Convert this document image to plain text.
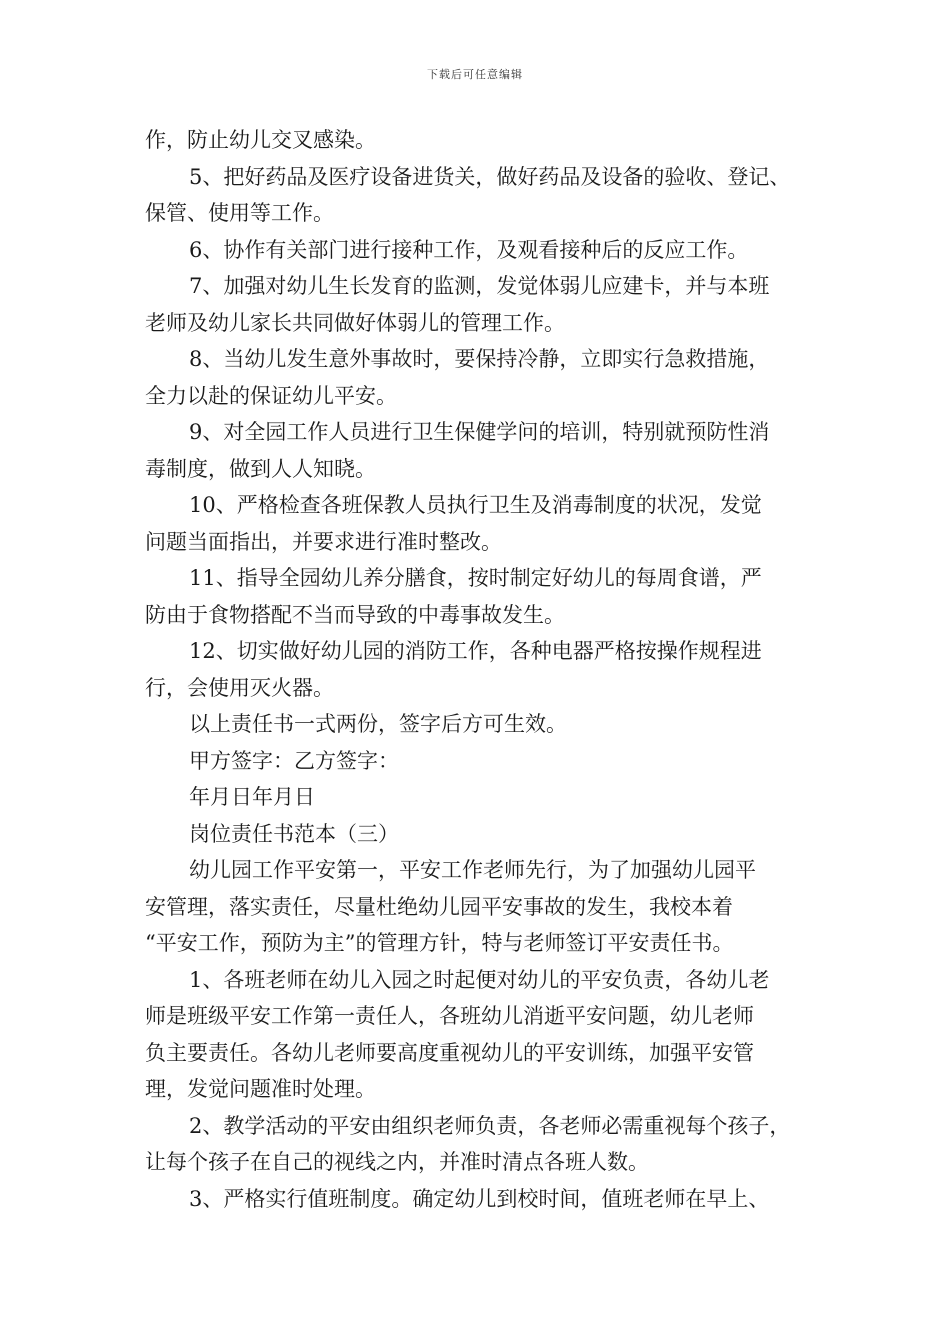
下载后可任意编辑
作，防止幼儿交叉感染。
5、把好药品及医疗设备进货关，做好药品及设备的验收、登记、
保管、使用等工作。
6、协作有关部门进行接种工作，及观看接种后的反应工作。
7、加强对幼儿生长发育的监测，发觉体弱儿应建卡，并与本班
老师及幼儿家长共同做好体弱儿的管理工作。
8、当幼儿发生意外事故时，要保持冷静，立即实行急救措施，
全力以赴的保证幼儿平安。
9、对全园工作人员进行卫生保健学问的培训，特别就预防性消
毒制度，做到人人知晓。
10、严格检查各班保教人员执行卫生及消毒制度的状况，发觉
问题当面指出，并要求进行准时整改。
11、指导全园幼儿养分膳食，按时制定好幼儿的每周食谱，严
防由于食物搭配不当而导致的中毒事故发生。
12、切实做好幼儿园的消防工作，各种电器严格按操作规程进
行，会使用灭火器。
以上责任书一式两份，签字后方可生效。
甲方签字：乙方签字：
年月日年月日
岗位责任书范本（三）
幼儿园工作平安第一，平安工作老师先行，为了加强幼儿园平
安管理，落实责任，尽量杜绝幼儿园平安事故的发生，我校本着
“平安工作，预防为主”的管理方针，特与老师签订平安责任书。
1、各班老师在幼儿入园之时起便对幼儿的平安负责，各幼儿老
师是班级平安工作第一责任人，各班幼儿消逝平安问题，幼儿老师
负主要责任。各幼儿老师要高度重视幼儿的平安训练，加强平安管
理，发觉问题准时处理。
2、教学活动的平安由组织老师负责，各老师必需重视每个孩子，
让每个孩子在自己的视线之内，并准时清点各班人数。
3、严格实行值班制度。确定幼儿到校时间，值班老师在早上、
